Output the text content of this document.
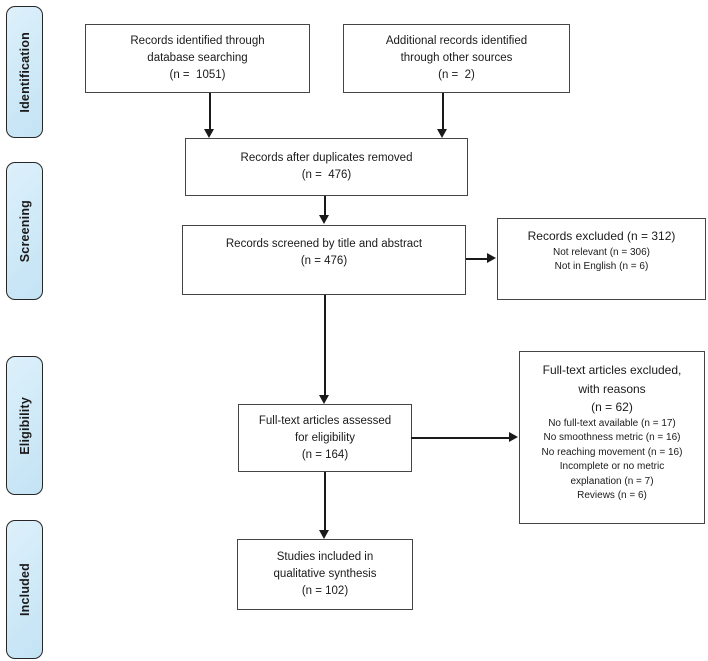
Identification
Screening
Eligibility
Included
Records identified through
database searching
(n =  1051)
Additional records identified
through other sources
(n =  2)
Records after duplicates removed
(n =  476)
Records screened by title and abstract
(n = 476)
Records excluded (n = 312)
Not relevant (n = 306)
Not in English (n = 6)
Full-text articles assessed
for eligibility
(n = 164)
Full-text articles excluded,
with reasons
(n = 62)
No full-text available (n = 17)
No smoothness metric (n = 16)
No reaching movement (n = 16)
Incomplete or no metric
explanation (n = 7)
Reviews (n = 6)
Studies included in
qualitative synthesis
(n = 102)
